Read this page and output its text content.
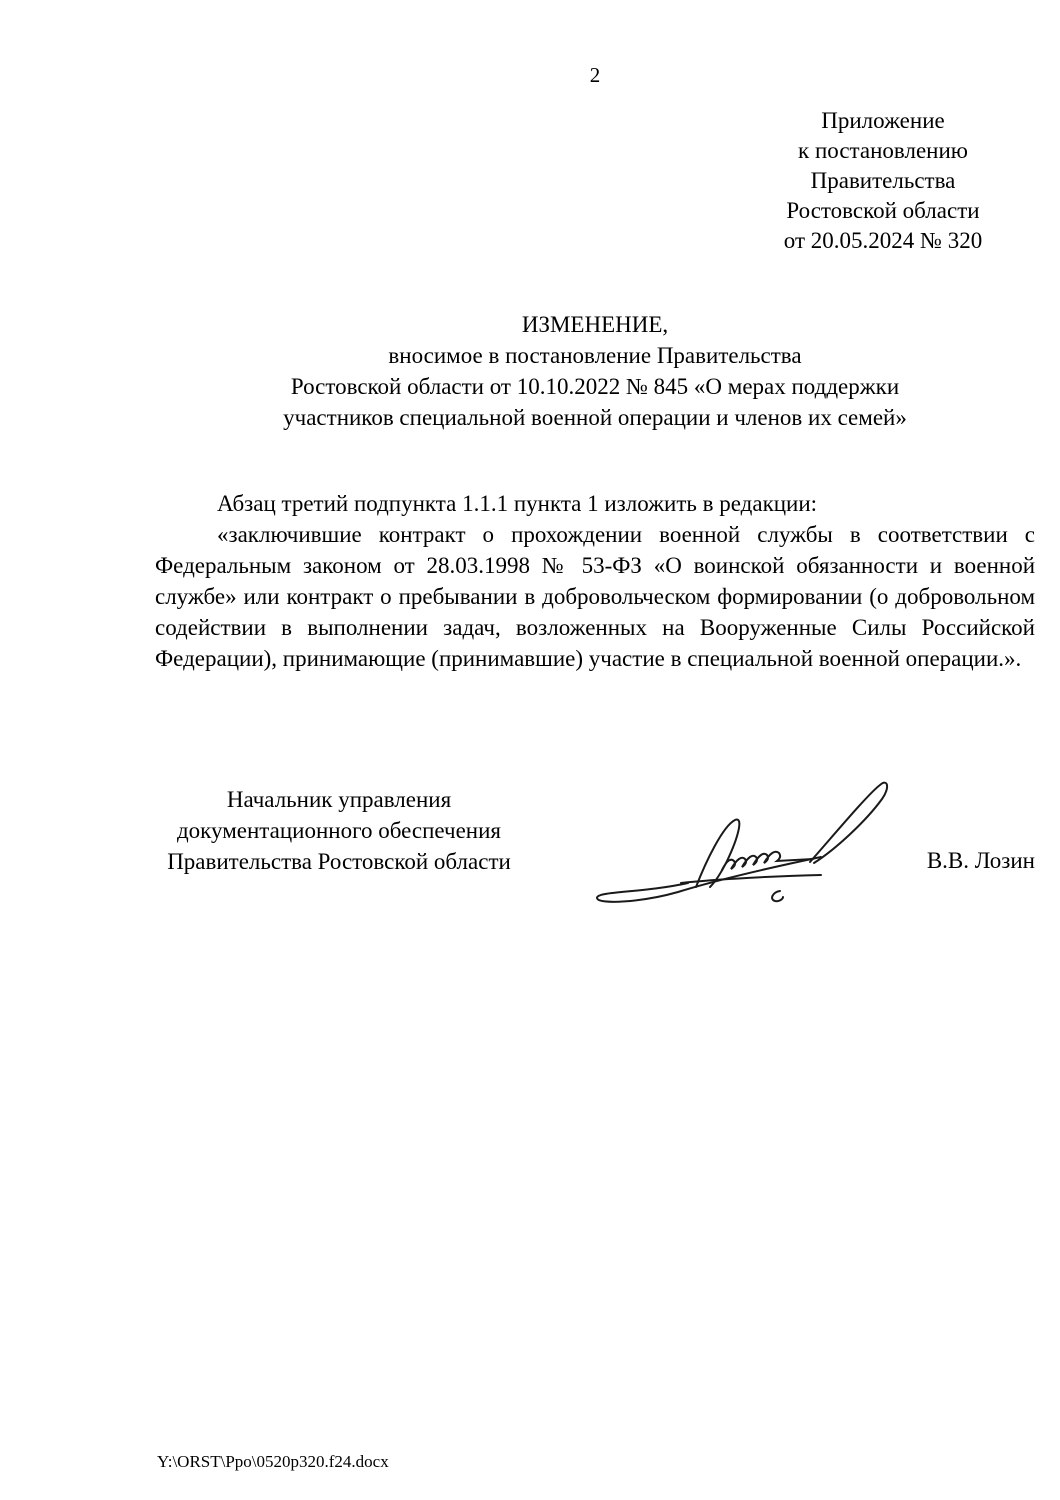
2
Приложение
к постановлению
Правительства
Ростовской области
от 20.05.2024 № 320
ИЗМЕНЕНИЕ,
вносимое в постановление Правительства
Ростовской области от 10.10.2022 № 845 «О мерах поддержки
участников специальной военной операции и членов их семей»

Абзац третий подпункта 1.1.1 пункта 1 изложить в редакции:

«заключившие контракт о прохождении военной службы в соответствии с Федеральным законом от 28.03.1998 № 53-ФЗ «О воинской обязанности и военной службе» или контракт о пребывании в добровольческом формировании (о добровольном содействии в выполнении задач, возложенных на Вооруженные Силы Российской Федерации), принимающие (принимавшие) участие в специальной военной операции.».

Начальник управления
документационного обеспечения
Правительства Ростовской области	В.В. Лозин
Y:\ORST\Ppo\0520p320.f24.docx
